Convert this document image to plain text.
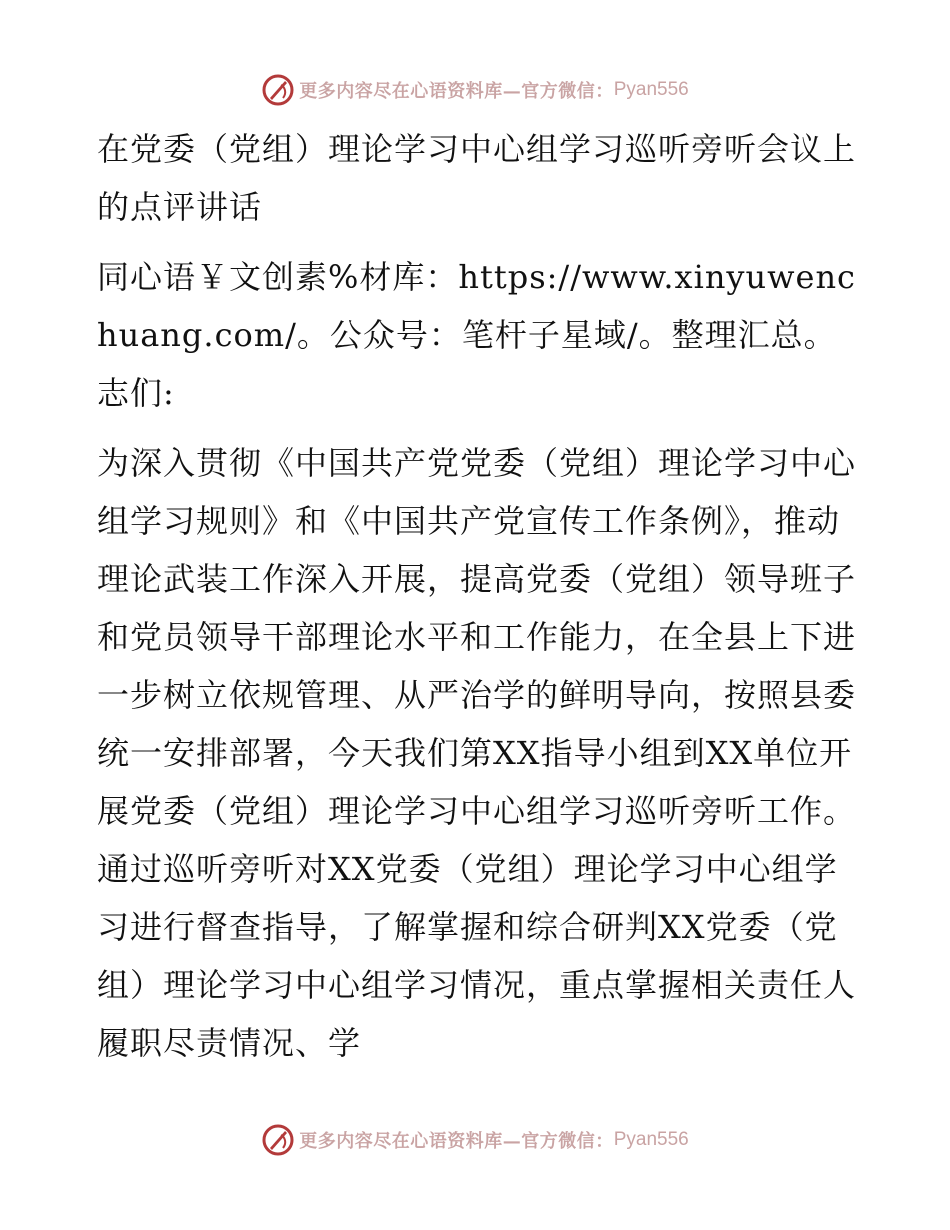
更多内容尽在心语资料库—官方微信： Pyan556

在党委（党组）理论学习中心组学习巡听旁听会议上的点评讲话

同心语￥文创素%材库：https://www.xinyuwenchuang.com/。公众号：笔杆子星域/。整理汇总。志们:

为深入贯彻《中国共产党党委（党组）理论学习中心组学习规则》和《中国共产党宣传工作条例》，推动理论武装工作深入开展，提高党委（党组）领导班子和党员领导干部理论水平和工作能力，在全县上下进一步树立依规管理、从严治学的鲜明导向，按照县委统一安排部署，今天我们第XX指导小组到XX单位开展党委（党组）理论学习中心组学习巡听旁听工作。通过巡听旁听对XX党委（党组）理论学习中心组学习进行督查指导，了解掌握和综合研判XX党委（党组）理论学习中心组学习情况，重点掌握相关责任人履职尽责情况、学

更多内容尽在心语资料库—官方微信： Pyan556
